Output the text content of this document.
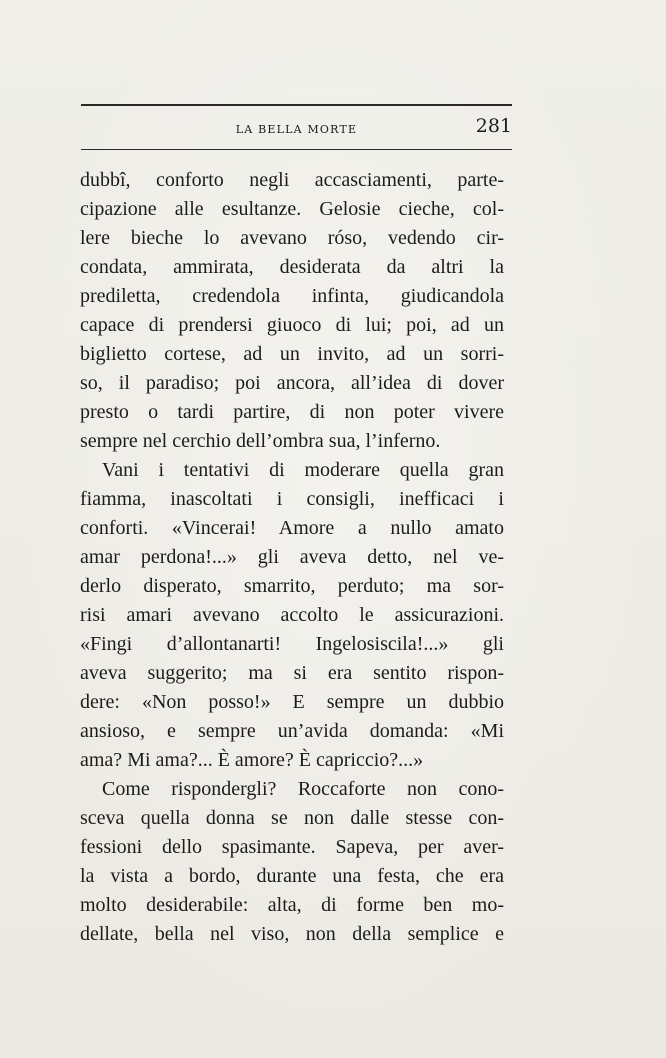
LA BELLA MORTE	281
dubbî, conforto negli accasciamenti, parte-
cipazione alle esultanze. Gelosie cieche, col-
lere bieche lo avevano róso, vedendo cir-
condata, ammirata, desiderata da altri la
prediletta, credendola infinta, giudicandola
capace di prendersi giuoco di lui; poi, ad un
biglietto cortese, ad un invito, ad un sorri-
so, il paradiso; poi ancora, all’idea di dover
presto o tardi partire, di non poter vivere
sempre nel cerchio dell’ombra sua, l’inferno.
Vani i tentativi di moderare quella gran
fiamma, inascoltati i consigli, inefficaci i
conforti. «Vincerai! Amore a nullo amato
amar perdona!...» gli aveva detto, nel ve-
derlo disperato, smarrito, perduto; ma sor-
risi amari avevano accolto le assicurazioni.
«Fingi d’allontanarti! Ingelosiscila!...» gli
aveva suggerito; ma si era sentito rispon-
dere: «Non posso!» E sempre un dubbio
ansioso, e sempre un’avida domanda: «Mi
ama? Mi ama?... È amore? È capriccio?...»
Come rispondergli? Roccaforte non cono-
sceva quella donna se non dalle stesse con-
fessioni dello spasimante. Sapeva, per aver-
la vista a bordo, durante una festa, che era
molto desiderabile: alta, di forme ben mo-
dellate, bella nel viso, non della semplice e
